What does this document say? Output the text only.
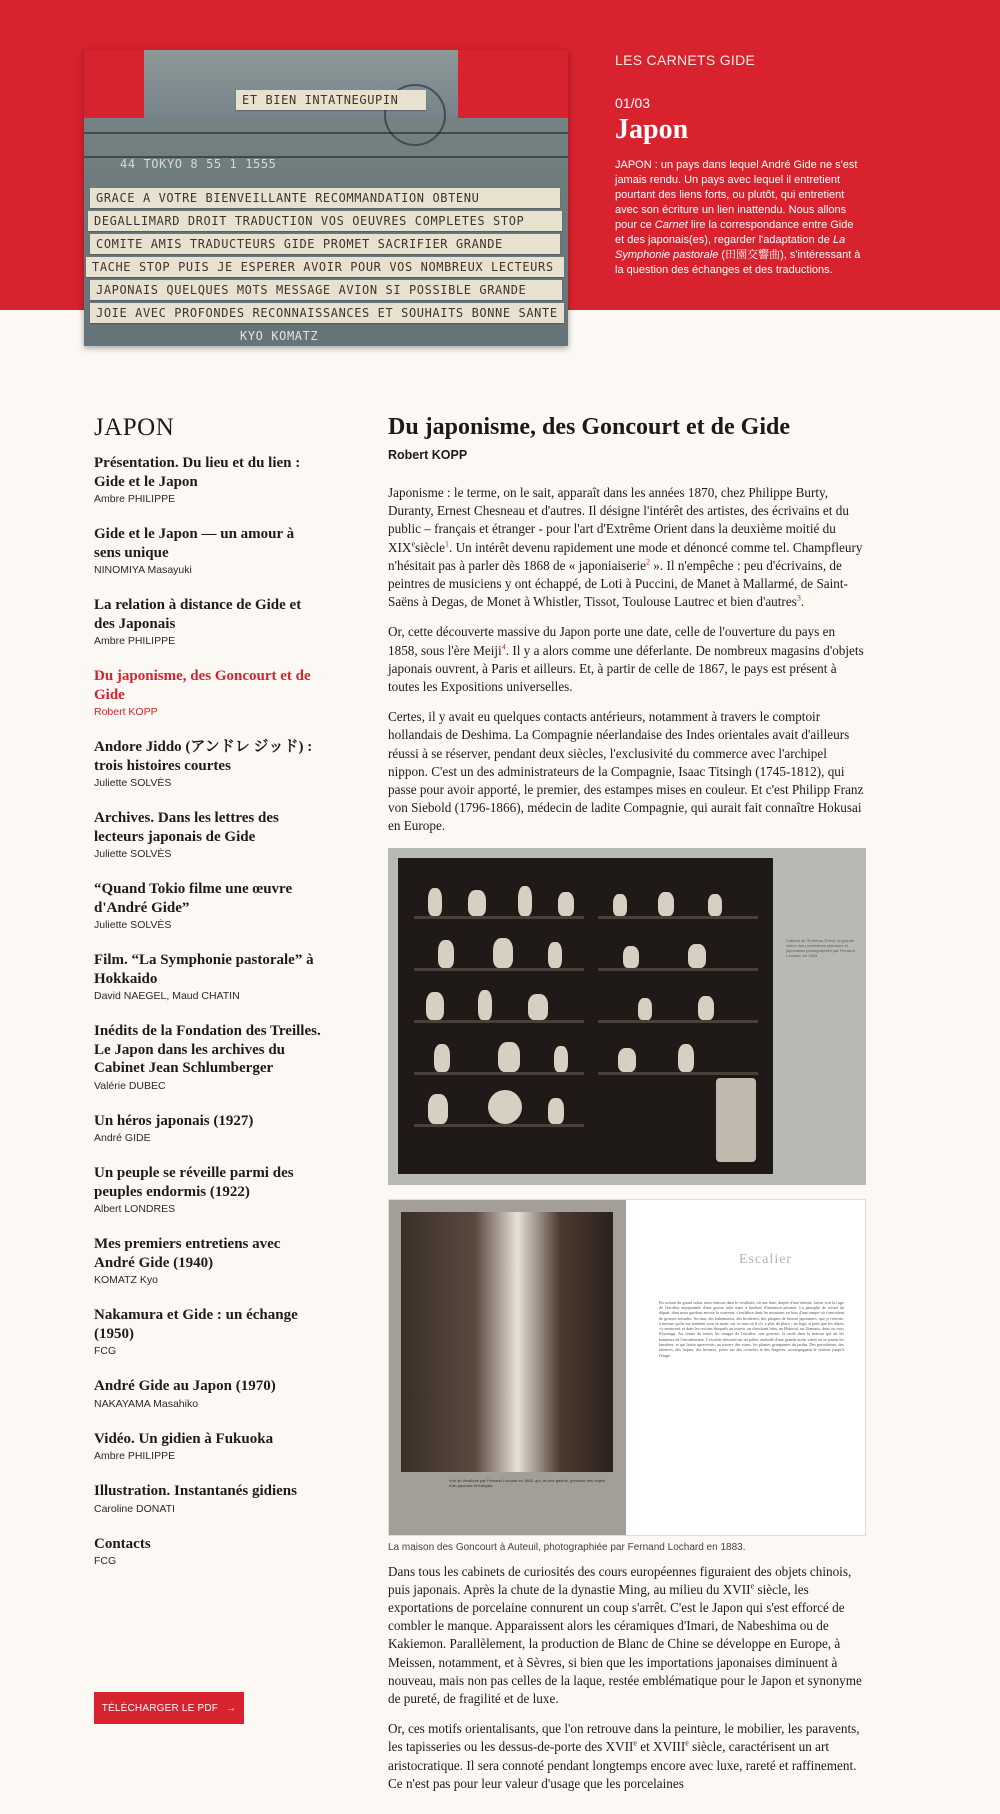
ET BIEN INTATNEGUPIN
44 TOKYO 8 55 1 1555
GRACE A VOTRE BIENVEILLANTE RECOMMANDATION OBTENU
DEGALLIMARD DROIT TRADUCTION VOS OEUVRES COMPLETES STOP
COMITE AMIS TRADUCTEURS GIDE PROMET SACRIFIER GRANDE
TACHE STOP PUIS JE ESPERER AVOIR POUR VOS NOMBREUX LECTEURS
JAPONAIS QUELQUES MOTS MESSAGE AVION SI POSSIBLE GRANDE
JOIE AVEC PROFONDES RECONNAISSANCES ET SOUHAITS BONNE SANTE
KYO KOMATZ
LES CARNETS GIDE
01/03
Japon

JAPON : un pays dans lequel André Gide ne s'est jamais rendu. Un pays avec lequel il entretient pourtant des liens forts, ou plutôt, qui entretient avec son écriture un lien inattendu. Nous allons pour ce Carnet lire la correspondance entre Gide et des japonais(es), regarder l'adaptation de La Symphonie pastorale (田園交響曲), s'intéressant à la question des échanges et des traductions.

JAPON
Présentation. Du lieu et du lien : Gide et le Japon
Ambre PHILIPPE
Gide et le Japon — un amour à sens unique
NINOMIYA Masayuki
La relation à distance de Gide et des Japonais
Ambre PHILIPPE
Du japonisme, des Goncourt et de Gide
Robert KOPP
Andore Jiddo (アンドレ ジッド) : trois histoires courtes
Juliette SOLVÈS
Archives. Dans les lettres des lecteurs japonais de Gide
Juliette SOLVÈS
“Quand Tokio filme une œuvre d'André Gide”
Juliette SOLVÈS
Film. “La Symphonie pastorale” à Hokkaido
David NAEGEL, Maud CHATIN
Inédits de la Fondation des Treilles. Le Japon dans les archives du Cabinet Jean Schlumberger
Valérie DUBEC
Un héros japonais (1927)
André GIDE
Un peuple se réveille parmi des peuples endormis (1922)
Albert LONDRES
Mes premiers entretiens avec André Gide (1940)
KOMATZ Kyo
Nakamura et Gide : un échange (1950)
FCG
André Gide au Japon (1970)
NAKAYAMA Masahiko
Vidéo. Un gidien à Fukuoka
Ambre PHILIPPE
Illustration. Instantanés gidiens
Caroline DONATI
Contacts
FCG
TÉLÉCHARGER LE PDF →
Du japonisme, des Goncourt et de Gide
Robert KOPP

Japonisme : le terme, on le sait, apparaît dans les années 1870, chez Philippe Burty, Duranty, Ernest Chesneau et d'autres. Il désigne l'intérêt des artistes, des écrivains et du public – français et étranger - pour l'art d'Extrême Orient dans la deuxième moitié du XIXesiècle$^1$. Un intérêt devenu rapidement une mode et dénoncé comme tel. Champfleury n'hésitait pas à parler dès 1868 de « japoniaiserie$^2$ ». Il n'empêche : peu d'écrivains, de peintres de musiciens y ont échappé, de Loti à Puccini, de Manet à Mallarmé, de Saint-Saëns à Degas, de Monet à Whistler, Tissot, Toulouse Lautrec et bien d'autres$^3$.

Or, cette découverte massive du Japon porte une date, celle de l'ouverture du pays en 1858, sous l'ère Meiji$^4$. Il y a alors comme une déferlante. De nombreux magasins d'objets japonais ouvrent, à Paris et ailleurs. Et, à partir de celle de 1867, le pays est présent à toutes les Expositions universelles.

Certes, il y avait eu quelques contacts antérieurs, notamment à travers le comptoir hollandais de Deshima. La Compagnie néerlandaise des Indes orientales avait d'ailleurs réussi à se réserver, pendant deux siècles, l'exclusivité du commerce avec l'archipel nippon. C'est un des administrateurs de la Compagnie, Isaac Titsingh (1745-1812), qui passe pour avoir apporté, le premier, des estampes mises en couleur. Et c'est Philipp Franz von Siebold (1796-1866), médecin de ladite Compagnie, qui aurait fait connaître Hokusai en Europe.

Cabinet de l'Extrême-Orient, la grande vitrine des porcelaines chinoises et japonaises photographiée par Fernand Lochard, en 1883.
Vue du Vestibule par Fernand Lochard en 1883, qui, tel une galerie, présente des objets d'art japonais et français.
Escalier
En sortant du grand salon, nous entrons dans le vestibule, où une baie, drapée d'une tenture, laisse voir la cage de l'escalier enjuponnée d'une grosse toile mais à bordure d'imitation persane. La panoplie de cristal du départ, dont nous gardons encore le souvenir, s'enchâsse dans les montants en bois d'une rampe où s'enroulent de grosses torsades. Au mur, des kakémonos, des broderies, des plaques de bronze japonaises, que je renvoie, à mesure qu'ils me tombent sous la main, sur ce mur où il n'y a plus de place ; un logis si petit que les objets s'y entassent, et dans les recoins desquels on trouve, en cherchant bien, un Hokusaï, un Utamaro, deux ou trois Kiyonaga. Au centre de toutes les images de l'escalier, une gravure, la seule dans la maison qui ait les honneurs de l'encadrement. L'escalier descend sur un palier, emboîté d'une grande niche vitrée où se jouent les lumières, et qui laisse apercevoir, au travers des vitres, les plantes grimpantes du jardin. Des porcelaines, des faïences, des laques, des bronzes, posés sur des consoles et des étagères, accompagnent le visiteur jusqu'à l'étage.
La maison des Goncourt à Auteuil, photographiée par Fernand Lochard en 1883.

Dans tous les cabinets de curiosités des cours européennes figuraient des objets chinois, puis japonais. Après la chute de la dynastie Ming, au milieu du XVIIe siècle, les exportations de porcelaine connurent un coup s'arrêt. C'est le Japon qui s'est efforcé de combler le manque. Apparaissent alors les céramiques d'Imari, de Nabeshima ou de Kakiemon. Parallèlement, la production de Blanc de Chine se développe en Europe, à Meissen, notamment, et à Sèvres, si bien que les importations japonaises diminuent à nouveau, mais non pas celles de la laque, restée emblématique pour le Japon et synonyme de pureté, de fragilité et de luxe.

Or, ces motifs orientalisants, que l'on retrouve dans la peinture, le mobilier, les paravents, les tapisseries ou les dessus-de-porte des XVIIe et XVIIIe siècle, caractérisent un art aristocratique. Il sera connoté pendant longtemps encore avec luxe, rareté et raffinement. Ce n'est pas pour leur valeur d'usage que les porcelaines
